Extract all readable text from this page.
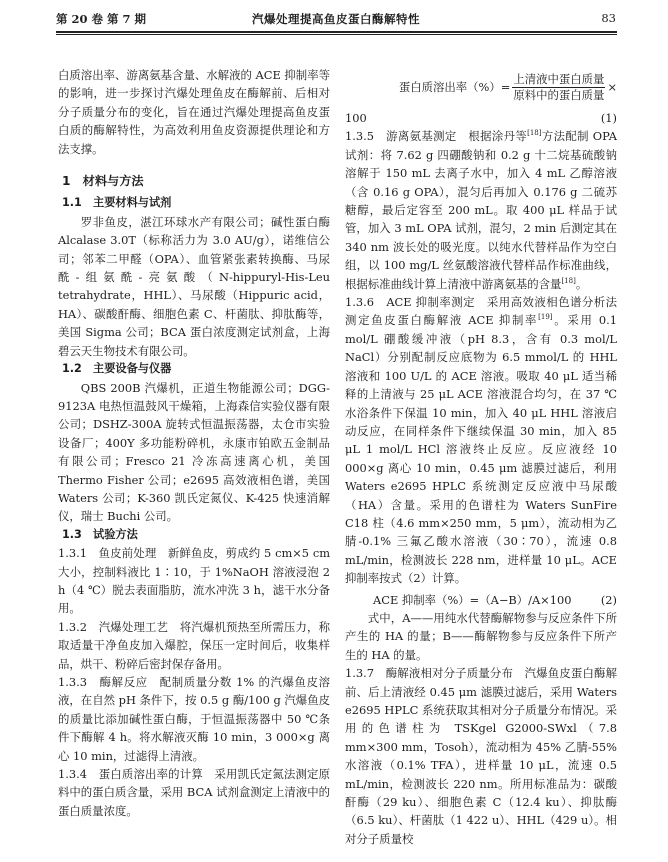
第 20 卷 第 7 期	汽爆处理提高鱼皮蛋白酶解特性	83

白质溶出率、游离氨基含量、水解液的 ACE 抑制率等的影响，进一步探讨汽爆处理鱼皮在酶解前、后相对分子质量分布的变化，旨在通过汽爆处理提高鱼皮蛋白质的酶解特性，为高效利用鱼皮资源提供理论和方法支撑。

1　材料与方法
1.1　主要材料与试剂

罗非鱼皮，湛江环球水产有限公司；碱性蛋白酶 Alcalase 3.0T（标称活力为 3.0 AU/g），诺维信公司；邻苯二甲醛（OPA）、血管紧张素转换酶、马尿酰-组氨酰-亮氨酸（N-hippuryl-His-Leu tetrahydrate，HHL）、马尿酸（Hippuric acid，HA）、碳酸酐酶、细胞色素 C、杆菌肽、抑肽酶等，美国 Sigma 公司；BCA 蛋白浓度测定试剂盒，上海碧云天生物技术有限公司。

1.2　主要设备与仪器

QBS 200B 汽爆机，正道生物能源公司；DGG-9123A 电热恒温鼓风干燥箱，上海森信实验仪器有限公司；DSHZ-300A 旋转式恒温振荡器，太仓市实验设备厂；400Y 多功能粉碎机，永康市铂欧五金制品有限公司；Fresco 21 冷冻高速离心机，美国 Thermo Fisher 公司；e2695 高效液相色谱，美国 Waters 公司；K-360 凯氏定氮仪、K-425 快速消解仪，瑞士 Buchi 公司。

1.3　试验方法

1.3.1　鱼皮前处理　新鲜鱼皮，剪成约 5 cm×5 cm 大小，控制料液比 1∶10，于 1%NaOH 溶液浸泡 2 h（4 ℃）脱去表面脂肪，流水冲洗 3 h，滤干水分备用。

1.3.2　汽爆处理工艺　将汽爆机预热至所需压力，称取适量干净鱼皮加入爆腔，保压一定时间后，收集样品，烘干、粉碎后密封保存备用。

1.3.3　酶解反应　配制质量分数 1% 的汽爆鱼皮溶液，在自然 pH 条件下，按 0.5 g 酶/100 g 汽爆鱼皮的质量比添加碱性蛋白酶，于恒温振荡器中 50 ℃条件下酶解 4 h。将水解液灭酶 10 min，3 000×g 离心 10 min，过滤得上清液。

1.3.4　蛋白质溶出率的计算　采用凯氏定氮法测定原料中的蛋白质含量，采用 BCA 试剂盒测定上清液中的蛋白质量浓度。

蛋白质溶出率（%）= $\frac{\text{上清液中蛋白质量}}{\text{原料中的蛋白质量}}$ ×
100	(1)

1.3.5　游离氨基测定　根据涂丹等[18]方法配制 OPA 试剂：将 7.62 g 四硼酸钠和 0.2 g 十二烷基硫酸钠溶解于 150 mL 去离子水中，加入 4 mL 乙醇溶液（含 0.16 g OPA），混匀后再加入 0.176 g 二硫苏糖醇，最后定容至 200 mL。取 400 μL 样品于试管，加入 3 mL OPA 试剂，混匀，2 min 后测定其在 340 nm 波长处的吸光度。以纯水代替样品作为空白组，以 100 mg/L 丝氨酸溶液代替样品作标准曲线，根据标准曲线计算上清液中游离氨基的含量[18]。

1.3.6　ACE 抑制率测定　采用高效液相色谱分析法测定鱼皮蛋白酶解液 ACE 抑制率[19]。采用 0.1 mol/L 硼酸缓冲液（pH 8.3，含有 0.3 mol/L NaCl）分别配制反应底物为 6.5 mmol/L 的 HHL 溶液和 100 U/L 的 ACE 溶液。吸取 40 μL 适当稀释的上清液与 25 μL ACE 溶液混合均匀，在 37 ℃水浴条件下保温 10 min，加入 40 μL HHL 溶液启动反应，在同样条件下继续保温 30 min，加入 85 μL 1 mol/L HCl 溶液终止反应。反应液经 10 000×g 离心 10 min，0.45 μm 滤膜过滤后，利用 Waters e2695 HPLC 系统测定反应液中马尿酸（HA）含量。采用的色谱柱为 Waters SunFire C18 柱（4.6 mm×250 mm，5 μm），流动相为乙腈-0.1% 三氟乙酸水溶液（30∶70），流速 0.8 mL/min，检测波长 228 nm，进样量 10 μL。ACE 抑制率按式（2）计算。

ACE 抑制率（%）=（A−B）/A×100	(2)

式中，A——用纯水代替酶解物参与反应条件下所产生的 HA 的量；B——酶解物参与反应条件下所产生的 HA 的量。

1.3.7　酶解液相对分子质量分布　汽爆鱼皮蛋白酶解前、后上清液经 0.45 μm 滤膜过滤后，采用 Waters e2695 HPLC 系统获取其相对分子质量分布情况。采用的色谱柱为 TSKgel G2000-SWxl（7.8 mm×300 mm，Tosoh），流动相为 45% 乙腈-55% 水溶液（0.1% TFA），进样量 10 μL，流速 0.5 mL/min，检测波长 220 nm。所用标准品为：碳酸酐酶（29 ku）、细胞色素 C（12.4 ku）、抑肽酶（6.5 ku）、杆菌肽（1 422 u）、HHL（429 u）。相对分子质量校
